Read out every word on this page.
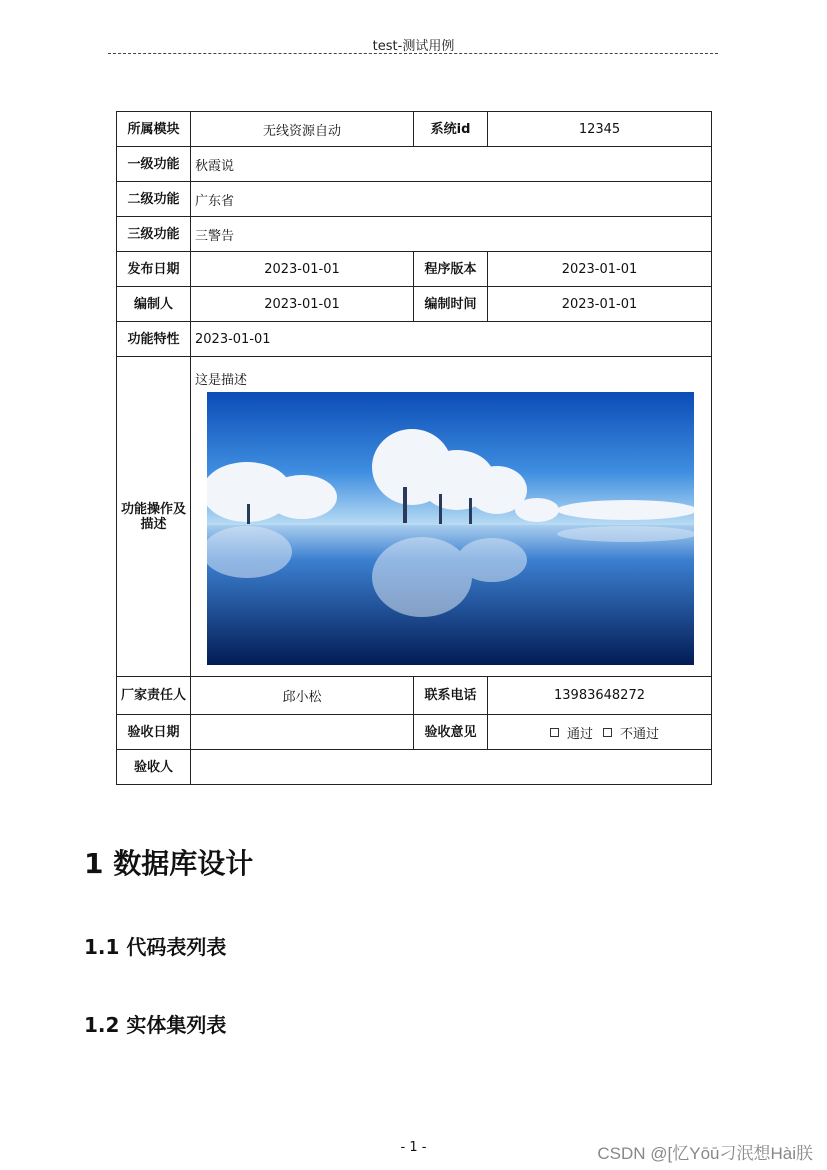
test-测试用例
所属模块	无线资源自动	系统id	12345
一级功能	秋霞说		
二级功能	广东省		
三级功能	三警告		
发布日期	2023-01-01	程序版本	2023-01-01
编制人	2023-01-01	编制时间	2023-01-01
功能特性	2023-01-01		
功能操作及描述	这是描述		

厂家责任人	邱小松	联系电话	13983648272
验收日期		验收意见	通过 不通过
验收人			
1 数据库设计
1.1 代码表列表
1.2 实体集列表
- 1 -	CSDN @[忆Yōū刁泯想Hài朕
